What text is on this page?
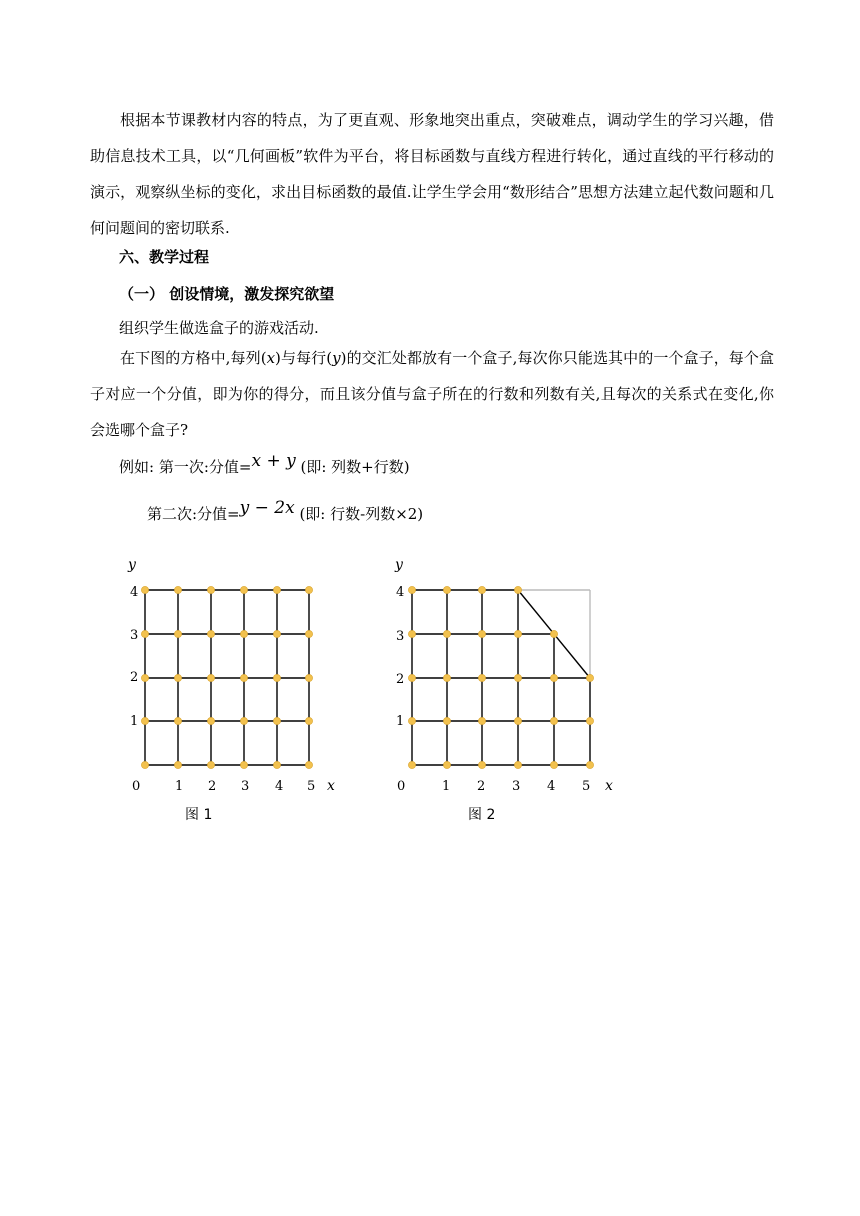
根据本节课教材内容的特点，为了更直观、形象地突出重点，突破难点，调动学生的学习兴趣，借助信息技术工具，以“几何画板”软件为平台，将目标函数与直线方程进行转化，通过直线的平行移动的演示，观察纵坐标的变化，求出目标函数的最值.让学生学会用“数形结合”思想方法建立起代数问题和几何问题间的密切联系.

六、教学过程
（一） 创设情境，激发探究欲望
组织学生做选盒子的游戏活动.

在下图的方格中,每列(x)与每行(y)的交汇处都放有一个盒子,每次你只能选其中的一个盒子，每个盒子对应一个分值，即为你的得分，而且该分值与盒子所在的行数和列数有关,且每次的关系式在变化,你会选哪个盒子?

例如: 第一次:分值=x + y (即: 列数+行数)
第二次:分值=y − 2x (即: 行数-列数×2)
y
1
2
3
4
0	1 2 3 4 5 x
图 1
y
1
2
3
4
0	1 2 3 4 5 x
图 2
